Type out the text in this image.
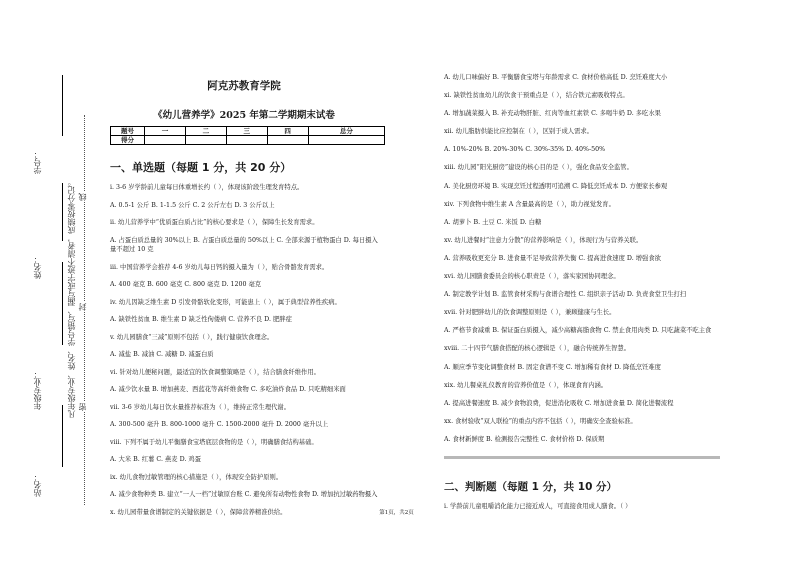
学号：
姓名：
年级专业：
站名：
凡年级专业、姓名、学号错写、漏写或字迹不清者，成绩按零分记。 线
封
密
阿克苏教育学院
《幼儿营养学》2025 年第二学期期末试卷
题号	一	二	三	四	总分
得分					
一、单选题（每题 1 分，共 20 分）
i. 3-6 岁学龄前儿童每日体重增长约（ ），体现该阶段生理发育特点。
A. 0.5-1 公斤 B. 1-1.5 公斤 C. 2 公斤左右 D. 3 公斤以上
ii. 幼儿营养学中“优质蛋白质占比”的核心要求是（ ），保障生长发育需求。
A. 占蛋白质总量的 30%以上 B. 占蛋白质总量的 50%以上 C. 全部来源于植物蛋白 D. 每日摄入量不超过 10 克
iii. 中国营养学会推荐 4-6 岁幼儿每日钙的摄入量为（ ），贴合骨骼发育需求。
A. 400 毫克 B. 600 毫克 C. 800 毫克 D. 1200 毫克
iv. 幼儿因缺乏维生素 D 引发骨骼软化变形，可能患上（ ），属于典型营养性疾病。
A. 缺铁性贫血 B. 维生素 D 缺乏性佝偻病 C. 营养不良 D. 肥胖症
v. 幼儿园膳食“三减”原则不包括（ ），践行健康饮食理念。
A. 减盐 B. 减油 C. 减糖 D. 减蛋白质
vi. 针对幼儿便秘问题，最适宜的饮食调整策略是（ ），结合膳食纤维作用。
A. 减少饮水量 B. 增加燕麦、西蓝花等高纤维食物 C. 多吃油炸食品 D. 只吃精细米面
vii. 3-6 岁幼儿每日饮水量推荐标准为（ ），维持正常生理代谢。
A. 300-500 毫升 B. 800-1000 毫升 C. 1500-2000 毫升 D. 2000 毫升以上
viii. 下列不属于幼儿平衡膳食宝塔底层食物的是（ ），明确膳食结构基础。
A. 大米 B. 红薯 C. 燕麦 D. 鸡蛋
ix. 幼儿食物过敏管理的核心措施是（ ），体现安全防护原则。
A. 减少食物种类 B. 建立“一人一档”过敏原台账 C. 避免所有动物性食物 D. 增加抗过敏药物摄入
x. 幼儿园带量食谱制定的关键依据是（ ），保障营养精准供给。
A. 幼儿口味偏好 B. 平衡膳食宝塔与年龄需求 C. 食材价格高低 D. 烹饪难度大小
xi. 缺铁性贫血幼儿的饮食干预重点是（ ），结合铁元素吸收特点。
A. 增加蔬菜摄入 B. 补充动物肝脏、红肉等血红素铁 C. 多喝牛奶 D. 多吃水果
xii. 幼儿脂肪供能比应控制在（ ），区别于成人需求。
A. 10%-20% B. 20%-30% C. 30%-35% D. 40%-50%
xiii. 幼儿园“阳光厨房”建设的核心目的是（ ），强化食品安全监管。
A. 美化厨房环境 B. 实现烹饪过程透明可追溯 C. 降低烹饪成本 D. 方便家长参观
xiv. 下列食物中维生素 A 含量最高的是（ ），助力视觉发育。
A. 胡萝卜 B. 土豆 C. 米饭 D. 白糖
xv. 幼儿进餐时“注意力分散”的营养影响是（ ），体现行为与营养关联。
A. 营养吸收更充分 B. 进食量不足导致营养失衡 C. 提高进食速度 D. 增强食欲
xvi. 幼儿园膳食委员会的核心职责是（ ），落实家园协同理念。
A. 制定教学计划 B. 监管食材采购与食谱合理性 C. 组织亲子活动 D. 负责食堂卫生打扫
xvii. 针对肥胖幼儿的饮食调整原则是（ ），兼顾健康与生长。
A. 严格节食减重 B. 保证蛋白质摄入，减少高糖高脂食物 C. 禁止食用肉类 D. 只吃蔬菜不吃主食
xviii. 二十四节气膳食搭配的核心逻辑是（ ），融合传统养生智慧。
A. 顺应季节变化调整食材 B. 固定食谱不变 C. 增加稀有食材 D. 降低烹饪难度
xix. 幼儿餐桌礼仪教育的营养价值是（ ），体现食育内涵。
A. 提高进餐速度 B. 减少食物浪费，促进消化吸收 C. 增加进食量 D. 简化进餐流程
xx. 食材验收“双人联检”的重点内容不包括（ ），明确安全查验标准。
A. 食材新鲜度 B. 检测报告完整性 C. 食材价格 D. 保质期
二、判断题（每题 1 分，共 10 分）
i. 学龄前儿童咀嚼消化能力已接近成人，可直接食用成人膳食。（ ）
第1页，共2页
